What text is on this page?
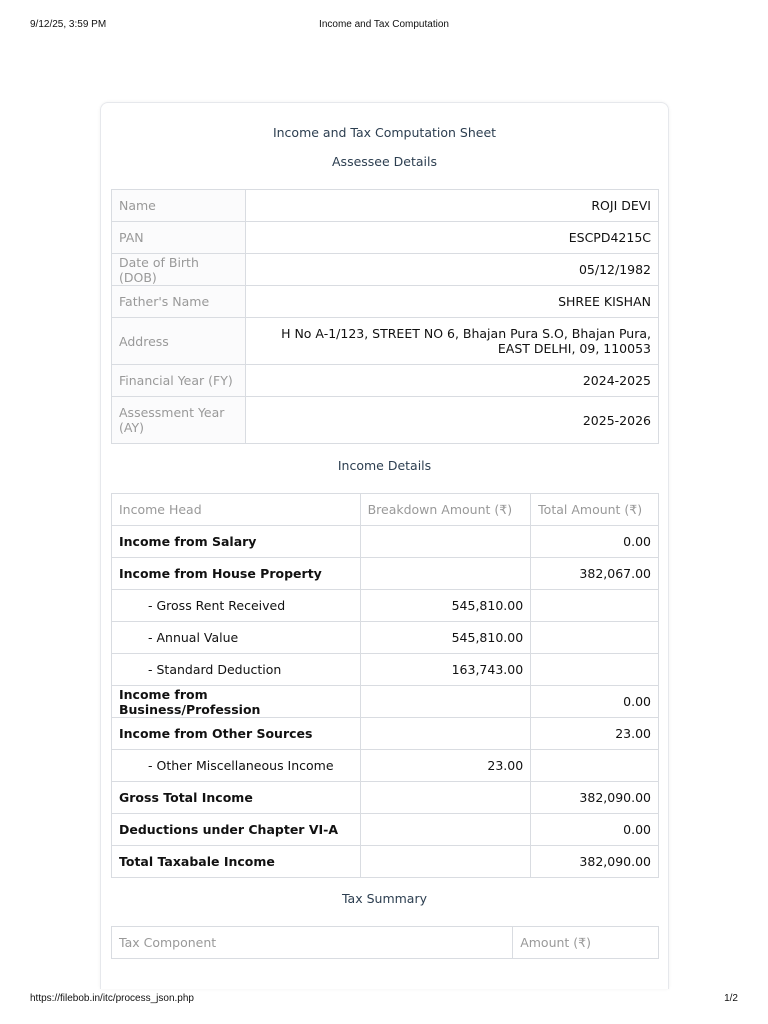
9/12/25, 3:59 PM	Income and Tax Computation
Income and Tax Computation Sheet
Assessee Details
Name	ROJI DEVI
PAN	ESCPD4215C
Date of Birth (DOB)	05/12/1982
Father's Name	SHREE KISHAN
Address	H No A-1/123, STREET NO 6, Bhajan Pura S.O, Bhajan Pura, EAST DELHI, 09, 110053
Financial Year (FY)	2024-2025
Assessment Year (AY)	2025-2026
Income Details
Income Head	Breakdown Amount (₹)	Total Amount (₹)
Income from Salary		0.00
Income from House Property		382,067.00
- Gross Rent Received	545,810.00	
- Annual Value	545,810.00	
- Standard Deduction	163,743.00	
Income from Business/Profession		0.00
Income from Other Sources		23.00
- Other Miscellaneous Income	23.00	
Gross Total Income		382,090.00
Deductions under Chapter VI-A		0.00
Total Taxabale Income		382,090.00
Tax Summary
Tax Component	Amount (₹)
https://filebob.in/itc/process_json.php	1/2
